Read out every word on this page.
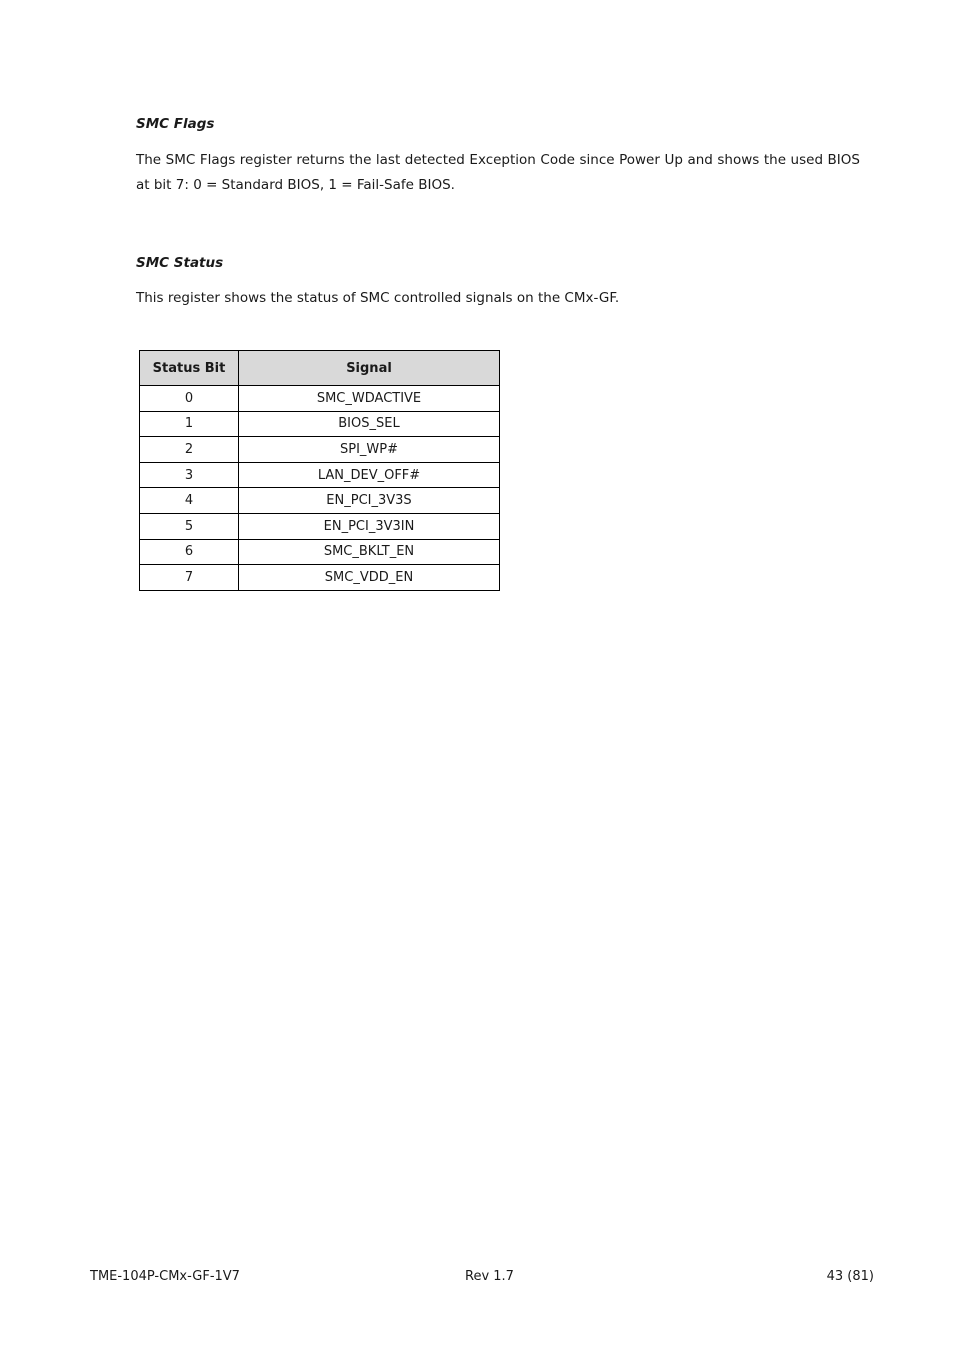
SMC Flags

The SMC Flags register returns the last detected Exception Code since Power Up and shows the used BIOS at bit 7: 0 = Standard BIOS, 1 = Fail-Safe BIOS.

SMC Status

This register shows the status of SMC controlled signals on the CMx-GF.

Status Bit	Signal
0	SMC_WDACTIVE
1	BIOS_SEL
2	SPI_WP#
3	LAN_DEV_OFF#
4	EN_PCI_3V3S
5	EN_PCI_3V3IN
6	SMC_BKLT_EN
7	SMC_VDD_EN

TME-104P-CMx-GF-1V7	Rev 1.7	43 (81)
